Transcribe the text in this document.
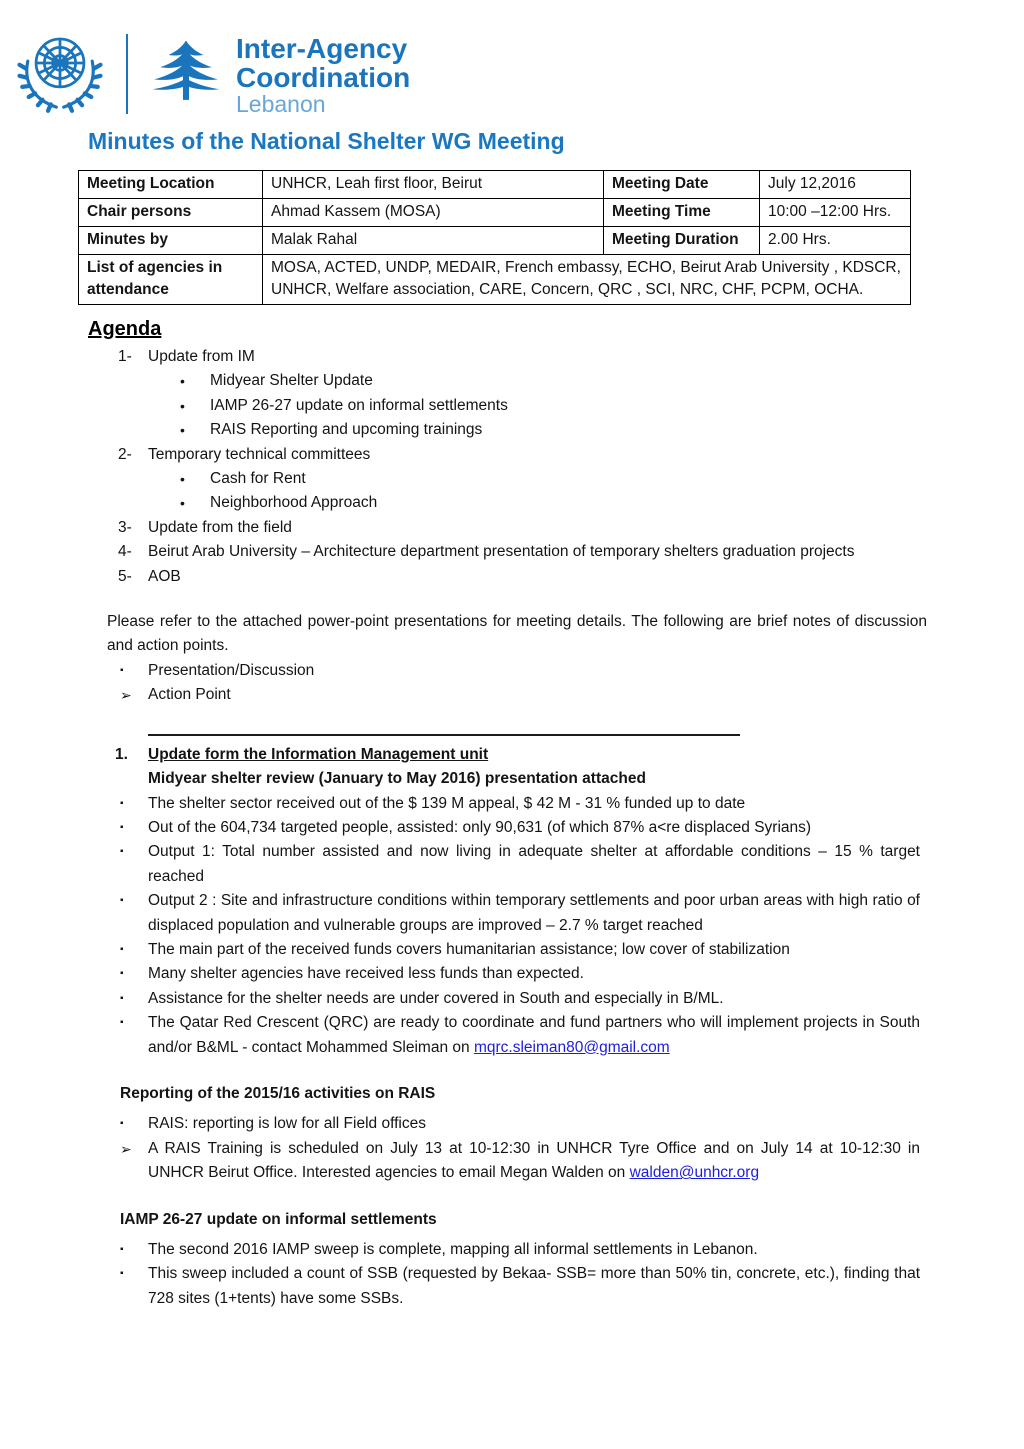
Inter-Agency
Coordination
Lebanon
Minutes of the National Shelter WG Meeting
Meeting Location	UNHCR, Leah first floor, Beirut	Meeting Date	July 12,2016
Chair persons	Ahmad Kassem (MOSA)	Meeting Time	10:00 –12:00 Hrs.
Minutes by	Malak Rahal	Meeting Duration	2.00 Hrs.
List of agencies in attendance	MOSA, ACTED, UNDP, MEDAIR, French embassy, ECHO, Beirut Arab University , KDSCR, UNHCR, Welfare association, CARE, Concern, QRC , SCI, NRC, CHF, PCPM, OCHA.		
Agenda
1-	Update from IM
•	Midyear Shelter Update
•	IAMP 26-27 update on informal settlements
•	RAIS Reporting and upcoming trainings
2-	Temporary technical committees
•	Cash for Rent
•	Neighborhood Approach
3-	Update from the field
4-	Beirut Arab University – Architecture department presentation of temporary shelters graduation projects
5-	AOB
Please refer to the attached power-point presentations for meeting details. The following are brief notes of discussion and action points.
▪	Presentation/Discussion
➢	Action Point
1.	Update form the Information Management unit
Midyear shelter review (January to May 2016) presentation attached
▪	The shelter sector received out of the $ 139 M appeal, $ 42 M - 31 % funded up to date
▪	Out of the 604,734 targeted people, assisted: only 90,631 (of which 87% a<re displaced Syrians)
▪	Output 1: Total number assisted and now living in adequate shelter at affordable conditions – 15 % target reached
▪	Output 2 : Site and infrastructure conditions within temporary settlements and poor urban areas with high ratio of displaced population and vulnerable groups are improved – 2.7 % target reached
▪	The main part of the received funds covers humanitarian assistance; low cover of stabilization
▪	Many shelter agencies have received less funds than expected.
▪	Assistance for the shelter needs are under covered in South and especially in B/ML.
▪	The Qatar Red Crescent (QRC) are ready to coordinate and fund partners who will implement projects in South and/or B&ML - contact Mohammed Sleiman on mqrc.sleiman80@gmail.com
Reporting of the 2015/16 activities on RAIS
▪	RAIS: reporting is low for all Field offices
➢	A RAIS Training is scheduled on July 13 at 10-12:30 in UNHCR Tyre Office and on July 14 at 10-12:30 in UNHCR Beirut Office. Interested agencies to email Megan Walden on walden@unhcr.org
IAMP 26-27 update on informal settlements
▪	The second 2016 IAMP sweep is complete, mapping all informal settlements in Lebanon.
▪	This sweep included a count of SSB (requested by Bekaa- SSB= more than 50% tin, concrete, etc.), finding that 728 sites (1+tents) have some SSBs.
